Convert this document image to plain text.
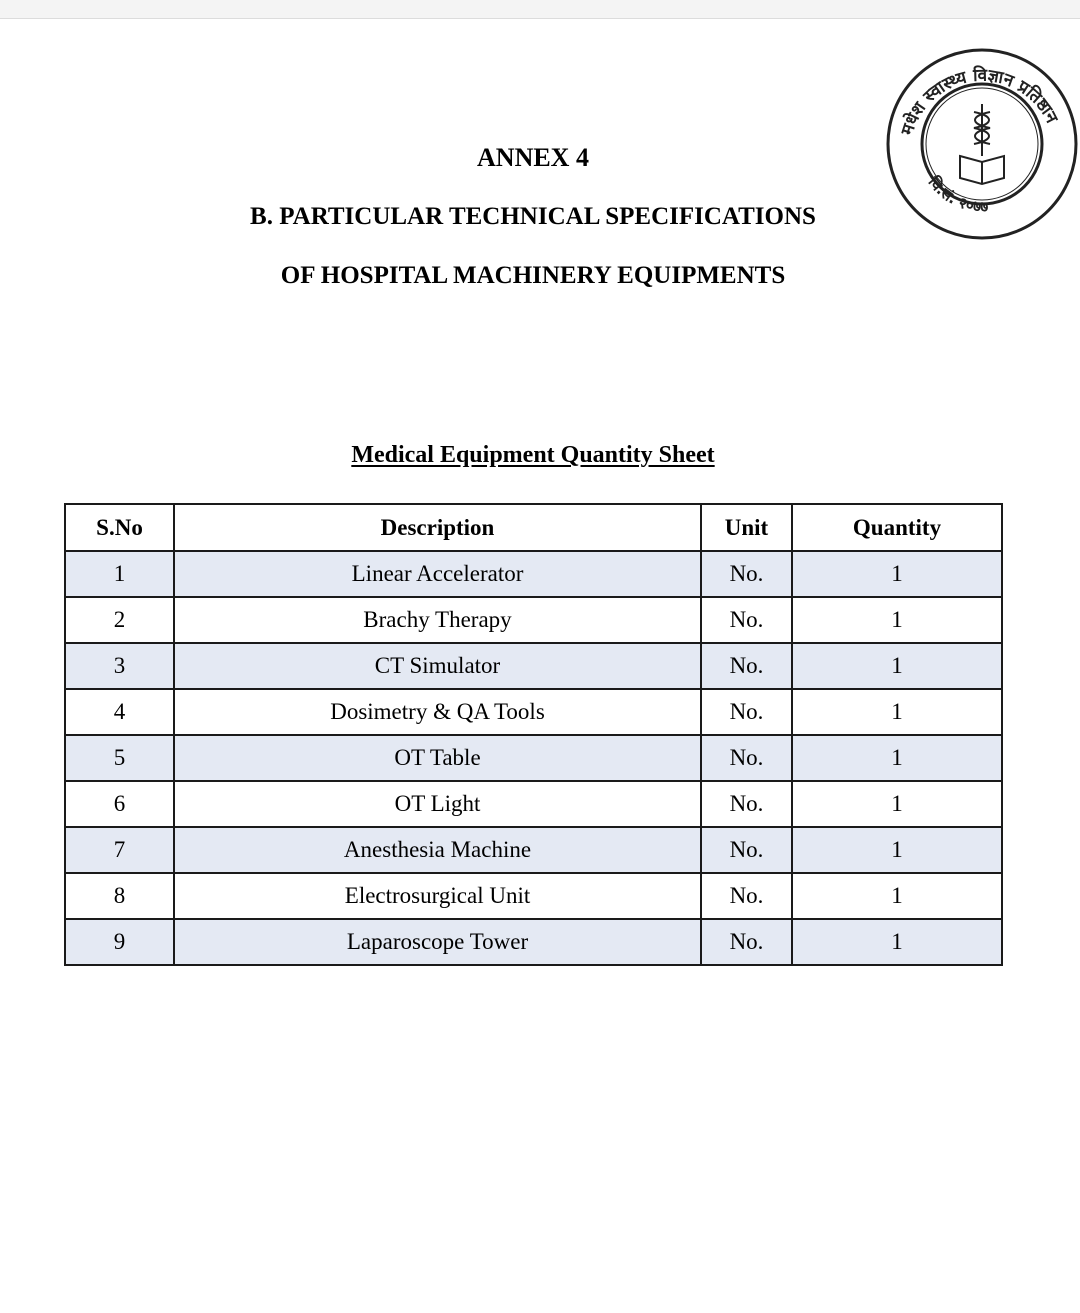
ANNEX 4
B. PARTICULAR TECHNICAL SPECIFICATIONS
OF HOSPITAL MACHINERY EQUIPMENTS
मधेश स्वास्थ्य विज्ञान प्रतिष्ठान
वि.सं. २०७७
Medical Equipment Quantity Sheet
S.No	Description	Unit	Quantity
1	Linear Accelerator	No.	1
2	Brachy Therapy	No.	1
3	CT Simulator	No.	1
4	Dosimetry & QA Tools	No.	1
5	OT Table	No.	1
6	OT Light	No.	1
7	Anesthesia Machine	No.	1
8	Electrosurgical Unit	No.	1
9	Laparoscope Tower	No.	1
